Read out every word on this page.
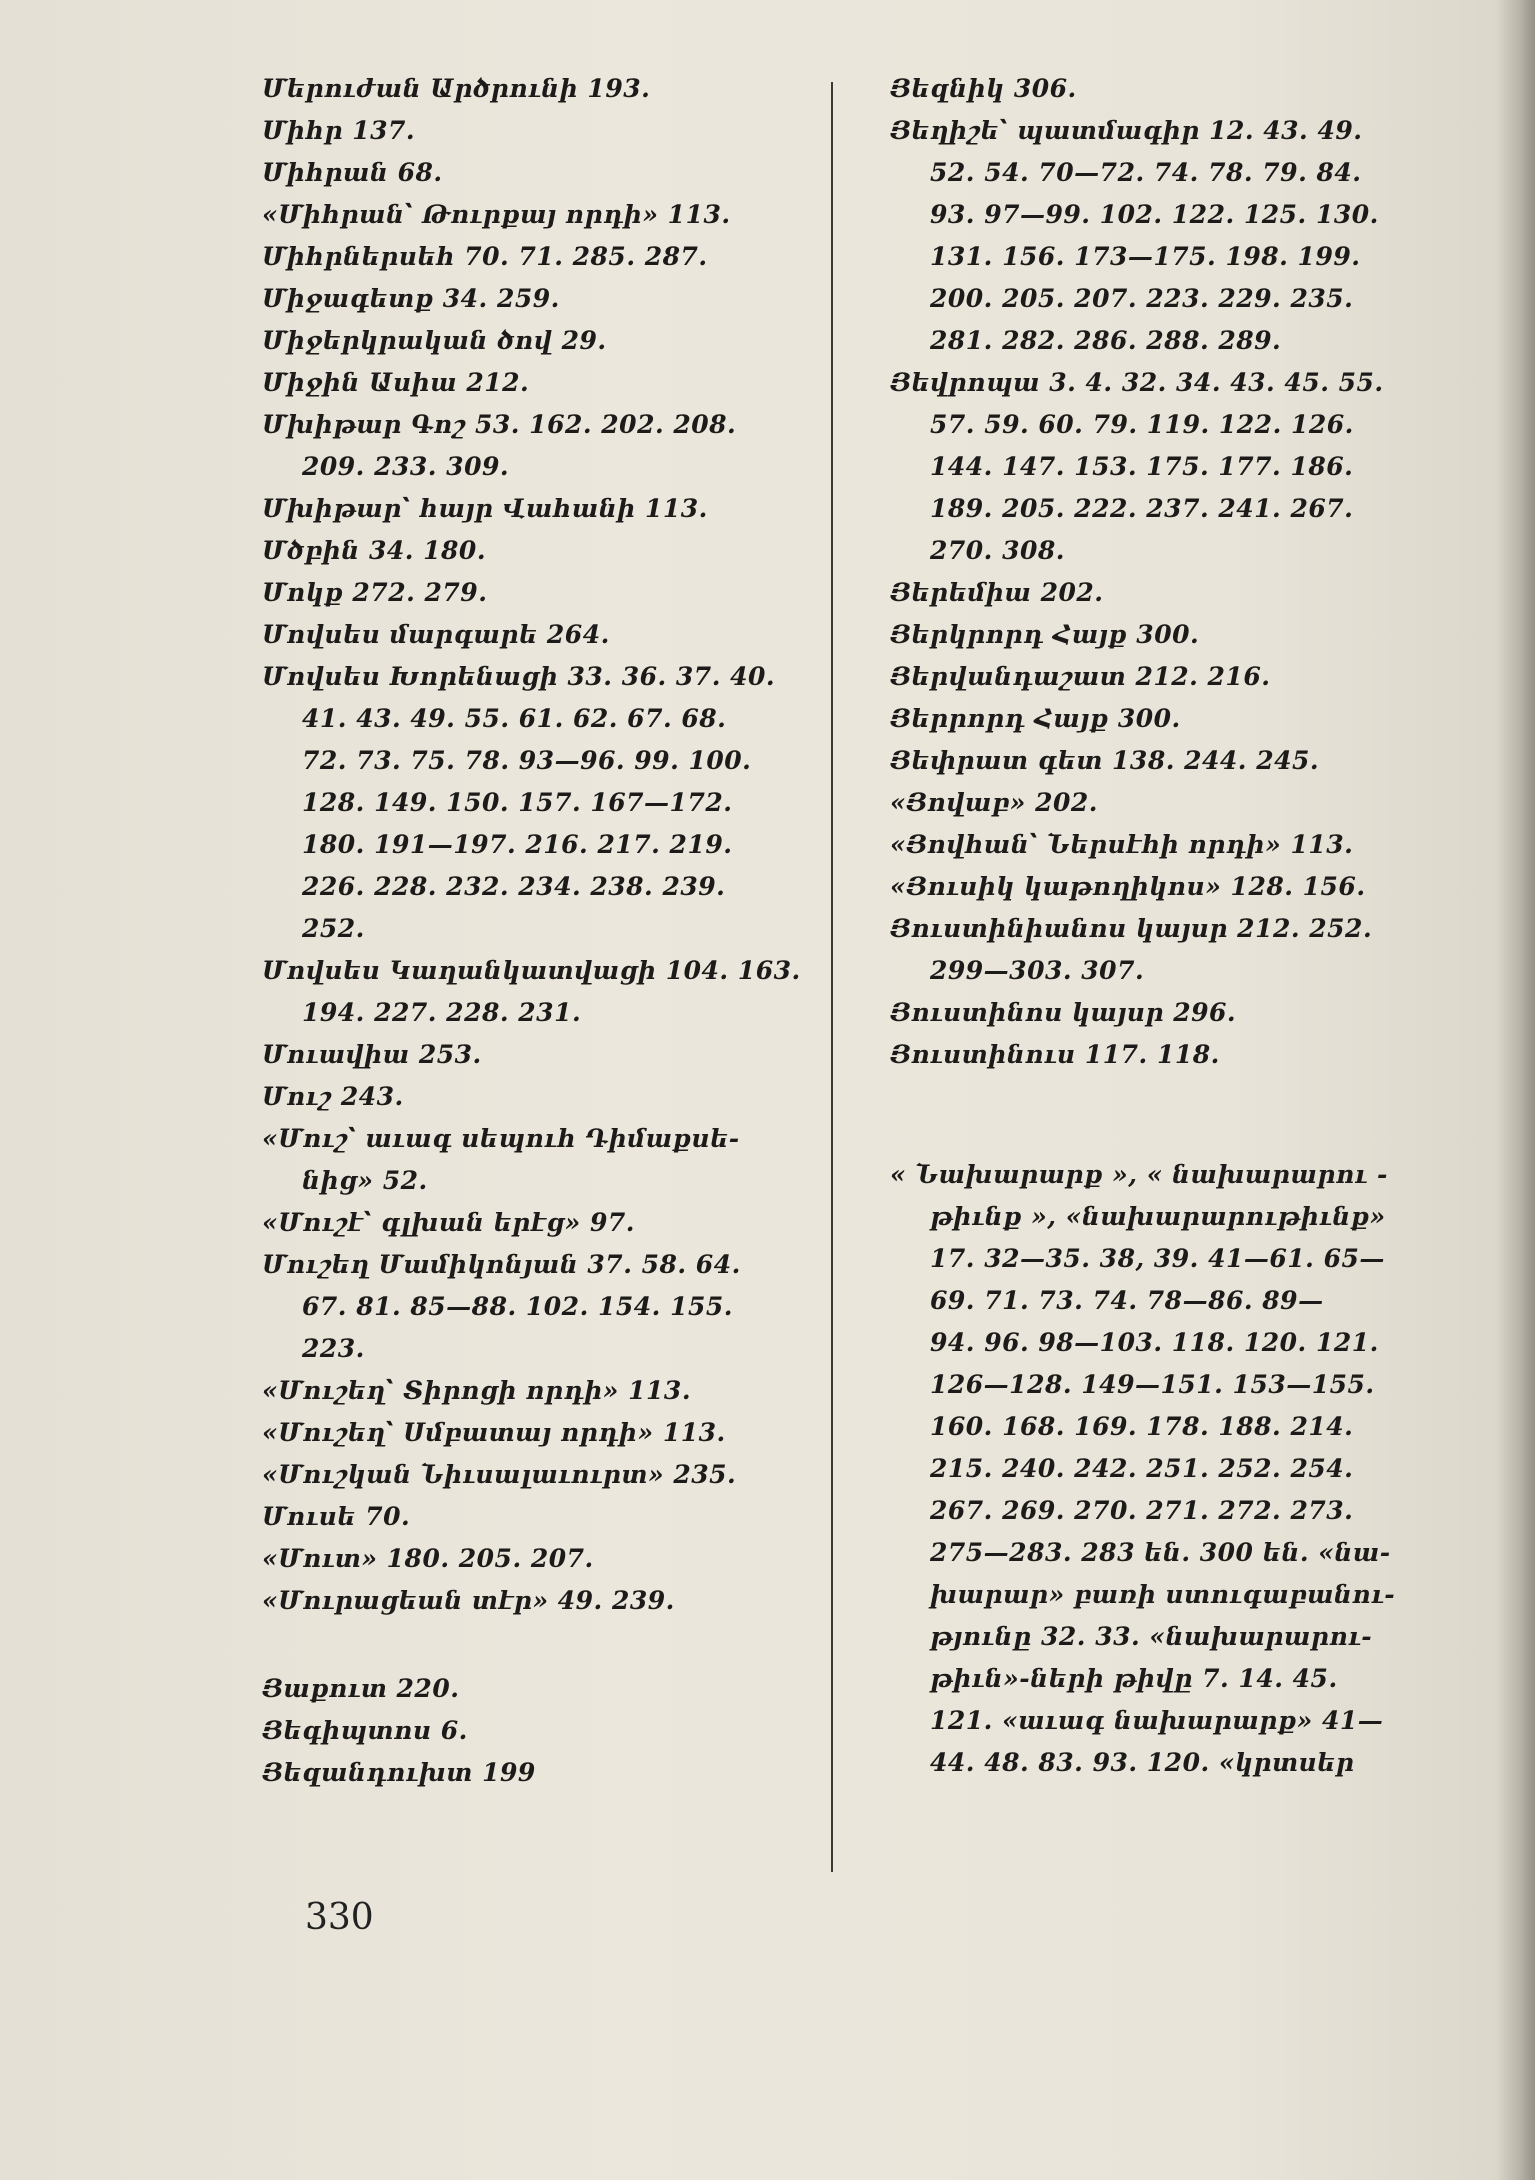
Մերուժան Արծրունի 193.
Միհր 137.
Միհրան 68.
«Միհրան՝ Թուրքայ որդի» 113.
Միհրներսեհ 70. 71. 285. 287.
Միջագետք 34. 259.
Միջերկրական ծով 29.
Միջին Ասիա 212.
Մխիթար Գոշ 53. 162. 202. 208.
209. 233. 309.
Մխիթար՝ հայր Վահանի 113.
Մծբին 34. 180.
Մոկք 272. 279.
Մովսես մարգարե 264.
Մովսես Խորենացի 33. 36. 37. 40.
41. 43. 49. 55. 61. 62. 67. 68.
72. 73. 75. 78. 93—96. 99. 100.
128. 149. 150. 157. 167—172.
180. 191—197. 216. 217. 219.
226. 228. 232. 234. 238. 239.
252.
Մովսես Կաղանկատվացի 104. 163.
194. 227. 228. 231.
Մուավիա 253.
Մուշ 243.
«Մուշ՝ աւագ սեպուհ Դիմաքսե-
նից» 52.
«Մուշէ՝ գլխան երէց» 97.
Մուշեղ Մամիկոնյան 37. 58. 64.
67. 81. 85—88. 102. 154. 155.
223.
«Մուշեղ՝ Տիրոցի որդի» 113.
«Մուշեղ՝ Սմբատայ որդի» 113.
«Մուշկան Նիւսալաւուրտ» 235.
Մուսե 70.
«Մուտ» 180. 205. 207.
«Մուրացեան տէր» 49. 239.
Յաքուտ 220.
Յեգիպտոս 6.
Յեզանդուխտ 199
Յեզնիկ 306.
Յեղիշե՝ պատմագիր 12. 43. 49.
52. 54. 70—72. 74. 78. 79. 84.
93. 97—99. 102. 122. 125. 130.
131. 156. 173—175. 198. 199.
200. 205. 207. 223. 229. 235.
281. 282. 286. 288. 289.
Յեվրոպա 3. 4. 32. 34. 43. 45. 55.
57. 59. 60. 79. 119. 122. 126.
144. 147. 153. 175. 177. 186.
189. 205. 222. 237. 241. 267.
270. 308.
Յերեմիա 202.
Յերկրորդ Հայք 300.
Յերվանդաշատ 212. 216.
Յերրորդ Հայք 300.
Յեփրատ գետ 138. 244. 245.
«Յովաբ» 202.
«Յովհան՝ Ներսէհի որդի» 113.
«Յուսիկ կաթողիկոս» 128. 156.
Յուստինիանոս կայսր 212. 252.
299—303. 307.
Յուստինոս կայսր 296.
Յուստինուս 117. 118.
« Նախարարք », « նախարարու -
թիւնք », «նախարարութիւնք»
17. 32—35. 38, 39. 41—61. 65—
69. 71. 73. 74. 78—86. 89—
94. 96. 98—103. 118. 120. 121.
126—128. 149—151. 153—155.
160. 168. 169. 178. 188. 214.
215. 240. 242. 251. 252. 254.
267. 269. 270. 271. 272. 273.
275—283. 283 են. 300 են. «նա-
խարար» բառի ստուգաբանու-
թյունը 32. 33. «նախարարու-
թիւն»-ների թիվը 7. 14. 45.
121. «աւագ նախարարք» 41—
44. 48. 83. 93. 120. «կրտսեր
330
